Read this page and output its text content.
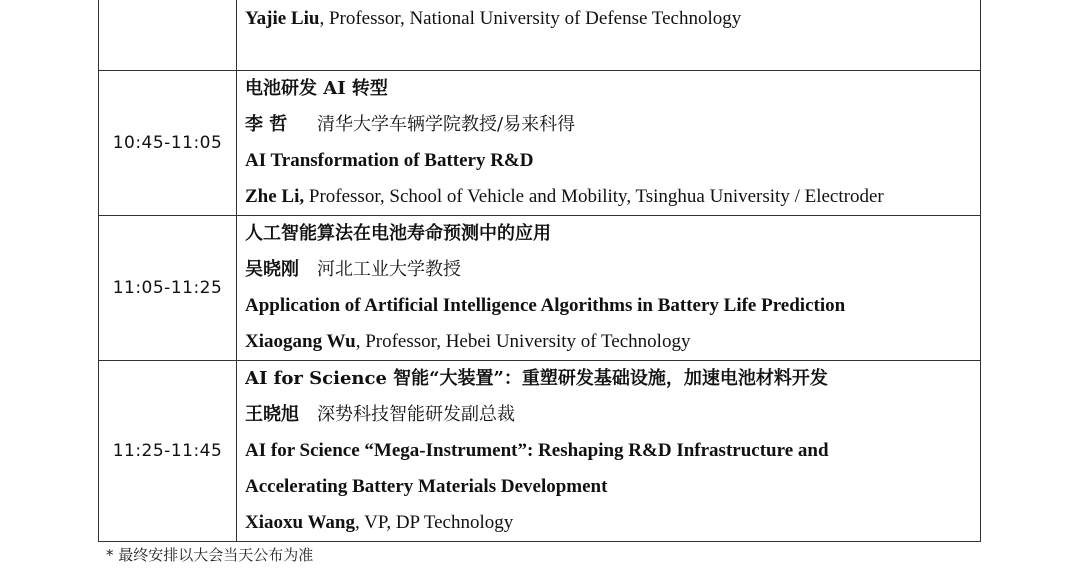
	Yajie Liu, Professor, National University of Defense Technology

10:45-11:05	电池研发 AI 转型
李 哲 清华大学车辆学院教授/易来科得
AI Transformation of Battery R&D
Zhe Li, Professor, School of Vehicle and Mobility, Tsinghua University / Electroder

11:05-11:25	人工智能算法在电池寿命预测中的应用
吴晓刚 河北工业大学教授
Application of Artificial Intelligence Algorithms in Battery Life Prediction
Xiaogang Wu, Professor, Hebei University of Technology

11:25-11:45	AI for Science 智能“大装置”：重塑研发基础设施，加速电池材料开发
王晓旭 深势科技智能研发副总裁
AI for Science “Mega-Instrument”: Reshaping R&D Infrastructure and
Accelerating Battery Materials Development
Xiaoxu Wang, VP, DP Technology
* 最终安排以大会当天公布为准
